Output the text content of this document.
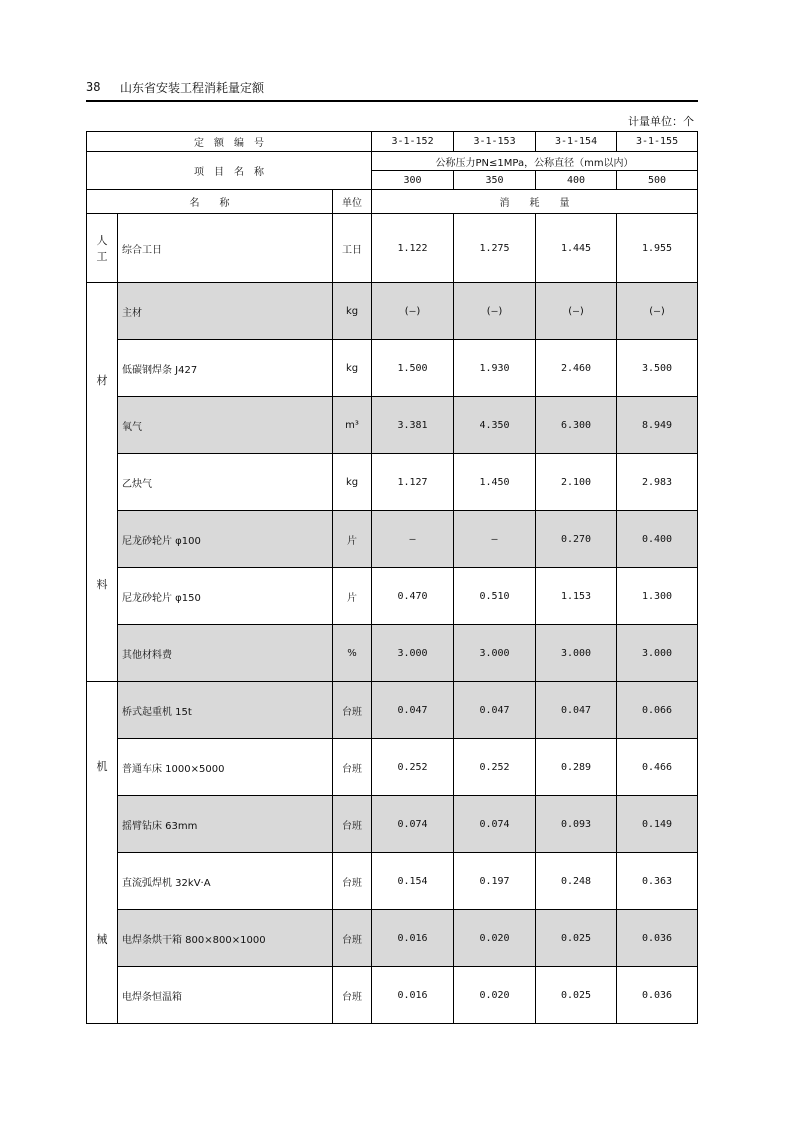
38	山东省安装工程消耗量定额
计量单位：个
定　额　编　号			3-1-152	3-1-153	3-1-154	3-1-155
项　目　名　称			公称压力PN≤1MPa，公称直径（mm以内）			
			300	350	400	500
名　　称		单位	消　　耗　　量			

人
工	综合工日	工日	1.122	1.275	1.445	1.955

材
料	主材	kg	(—)	(—)	(—)	(—)
	低碳钢焊条 J427	kg	1.500	1.930	2.460	3.500
	氧气	m³	3.381	4.350	6.300	8.949
	乙炔气	kg	1.127	1.450	2.100	2.983
	尼龙砂轮片 φ100	片	—	—	0.270	0.400
	尼龙砂轮片 φ150	片	0.470	0.510	1.153	1.300
	其他材料费	%	3.000	3.000	3.000	3.000

机
械	桥式起重机 15t	台班	0.047	0.047	0.047	0.066
	普通车床 1000×5000	台班	0.252	0.252	0.289	0.466
	摇臂钻床 63mm	台班	0.074	0.074	0.093	0.149
	直流弧焊机 32kV·A	台班	0.154	0.197	0.248	0.363
	电焊条烘干箱 800×800×1000	台班	0.016	0.020	0.025	0.036
	电焊条恒温箱	台班	0.016	0.020	0.025	0.036
